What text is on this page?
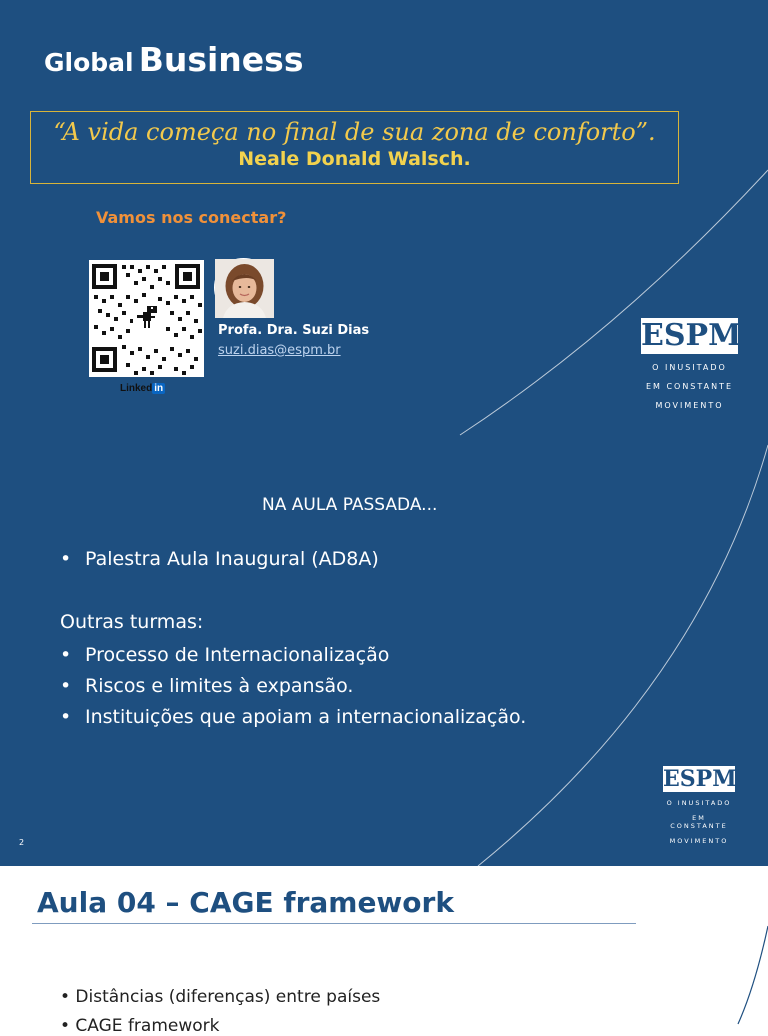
Global Business
“A vida começa no final de sua zona de conforto”.
Neale Donald Walsch.
Vamos nos conectar?
Linked in
Profa. Dra. Suzi Dias
suzi.dias@espm.br	ESPM
O INUSITADO
EM CONSTANTE
MOVIMENTO
NA AULA PASSADA...
• Palestra Aula Inaugural (AD8A)
Outras turmas:
• Processo de Internacionalização
• Riscos e limites à expansão.
• Instituições que apoiam a internacionalização.
ESPM
O INUSITADO
EM CONSTANTE
MOVIMENTO
2
Aula 04 – CAGE framework
• Distâncias (diferenças) entre países
• CAGE framework
